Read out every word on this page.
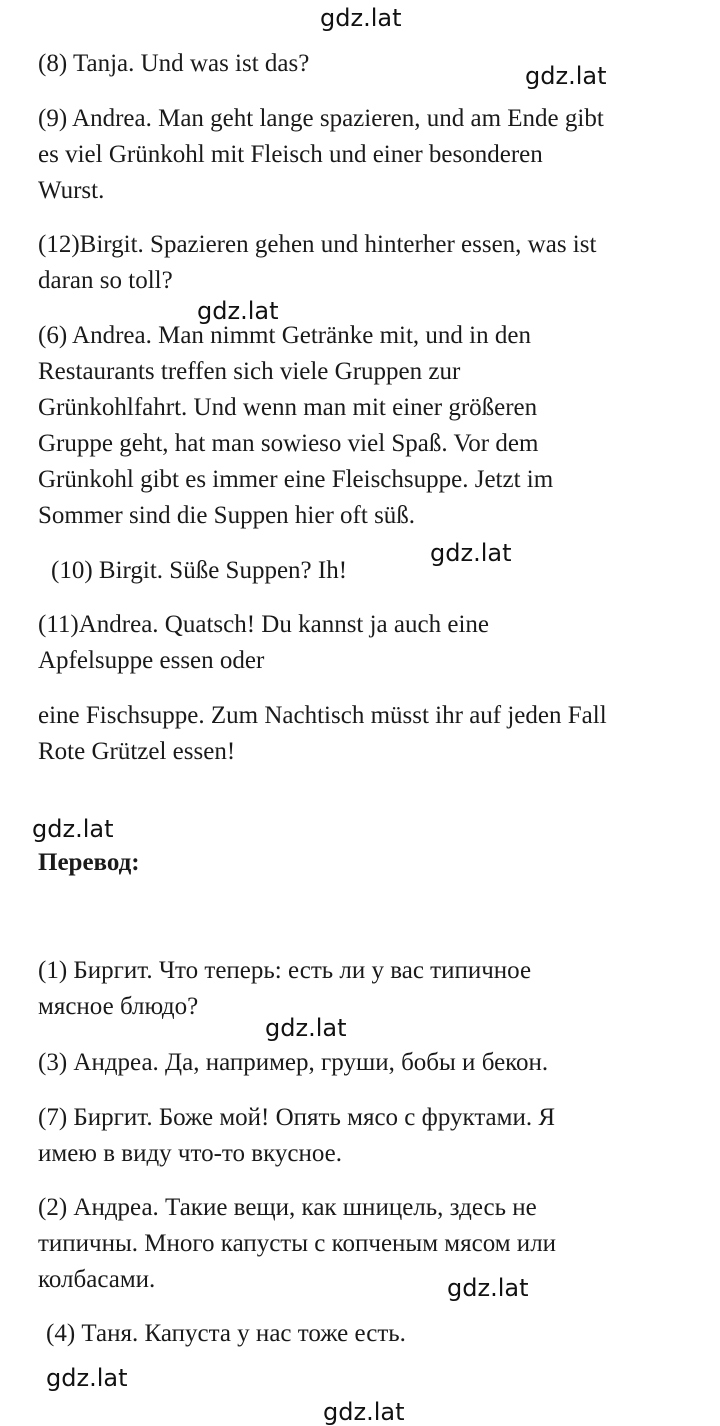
gdz.lat
gdz.lat
gdz.lat
gdz.lat
gdz.lat
gdz.lat
gdz.lat
gdz.lat
gdz.lat

(8) Tanja. Und was ist das?

(9) Andrea. Man geht lange spazieren, und am Ende gibt
es viel Grünkohl mit Fleisch und einer besonderen
Wurst.

(12)Birgit. Spazieren gehen und hinterher essen, was ist
daran so toll?

(6) Andrea. Man nimmt Getränke mit, und in den
Restaurants treffen sich viele Gruppen zur
Grünkohlfahrt. Und wenn man mit einer größeren
Gruppe geht, hat man sowieso viel Spaß. Vor dem
Grünkohl gibt es immer eine Fleischsuppe. Jetzt im
Sommer sind die Suppen hier oft süß.

(10) Birgit. Süße Suppen? Ih!

(11)Andrea. Quatsch! Du kannst ja auch eine
Apfelsuppe essen oder

eine Fischsuppe. Zum Nachtisch müsst ihr auf jeden Fall
Rote Grützel essen!

Перевод:

(1) Биргит. Что теперь: есть ли у вас типичное
мясное блюдо?

(3) Андреа. Да, например, груши, бобы и бекон.

(7) Биргит. Боже мой! Опять мясо с фруктами. Я
имею в виду что-то вкусное.

(2) Андреа. Такие вещи, как шницель, здесь не
типичны. Много капусты с копченым мясом или
колбасами.

(4) Таня. Капуста у нас тоже есть.
